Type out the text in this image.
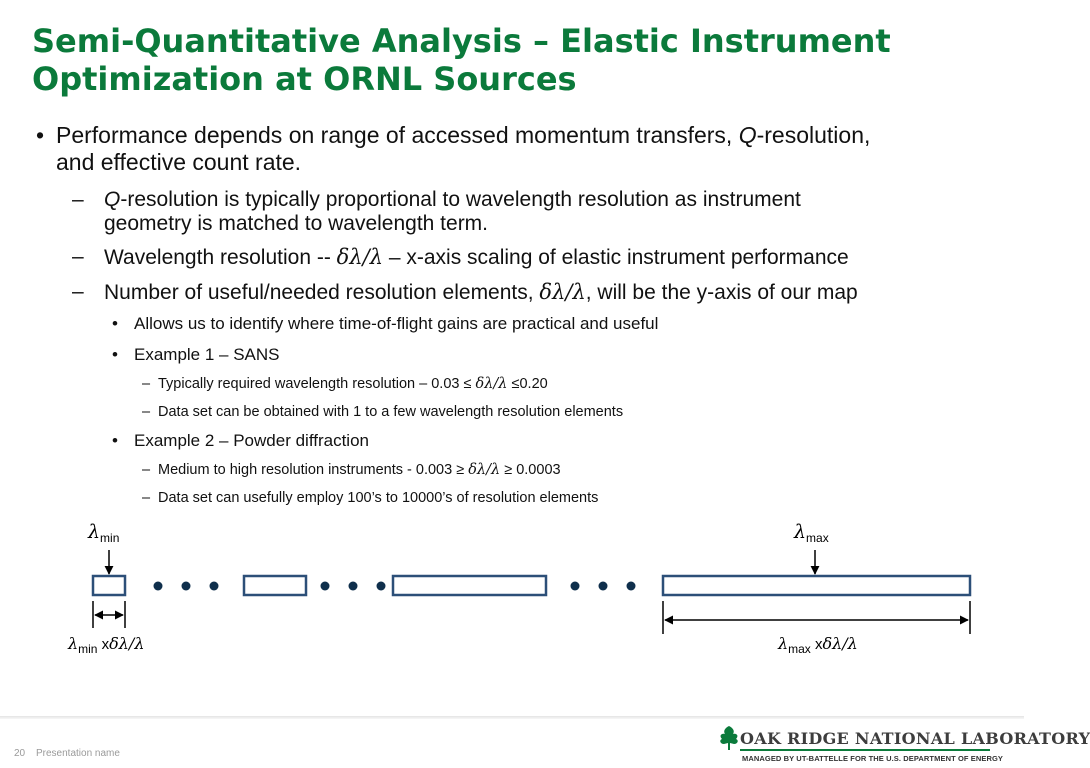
Semi-Quantitative Analysis – Elastic Instrument Optimization at ORNL Sources
• Performance depends on range of accessed momentum transfers, Q-resolution, and effective count rate.
– Q-resolution is typically proportional to wavelength resolution as instrument geometry is matched to wavelength term.
– Wavelength resolution -- δλ/λ – x-axis scaling of elastic instrument performance
– Number of useful/needed resolution elements, δλ/λ, will be the y-axis of our map
• Allows us to identify where time-of-flight gains are practical and useful
• Example 1 – SANS
– Typically required wavelength resolution – 0.03 ≤ δλ/λ ≤0.20
– Data set can be obtained with 1 to a few wavelength resolution elements
• Example 2 – Powder diffraction
– Medium to high resolution instruments - 0.003 ≥ δλ/λ ≥ 0.0003
– Data set can usefully employ 100’s to 10000’s of resolution elements
$\lambda_{min}$	$\lambda_{max}$
$\lambda_{min}$ xδλ/λ	$\lambda_{max}$ xδλ/λ
20 Presentation name
OAK RIDGE NATIONAL LABORATORY
MANAGED BY UT-BATTELLE FOR THE U.S. DEPARTMENT OF ENERGY
